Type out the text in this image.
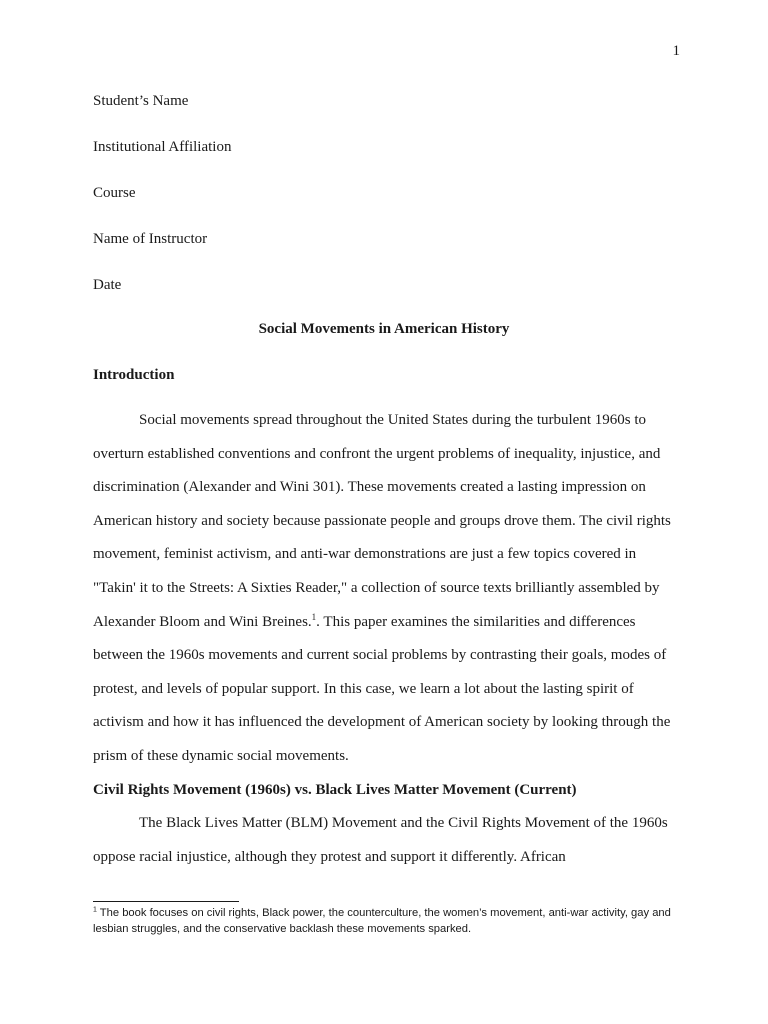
1
Student’s Name
Institutional Affiliation
Course
Name of Instructor
Date
Social Movements in American History
Introduction

Social movements spread throughout the United States during the turbulent 1960s to overturn established conventions and confront the urgent problems of inequality, injustice, and discrimination (Alexander and Wini 301). These movements created a lasting impression on American history and society because passionate people and groups drove them. The civil rights movement, feminist activism, and anti-war demonstrations are just a few topics covered in "Takin' it to the Streets: A Sixties Reader," a collection of source texts brilliantly assembled by Alexander Bloom and Wini Breines.$^1$. This paper examines the similarities and differences between the 1960s movements and current social problems by contrasting their goals, modes of protest, and levels of popular support. In this case, we learn a lot about the lasting spirit of activism and how it has influenced the development of American society by looking through the prism of these dynamic social movements.

Civil Rights Movement (1960s) vs. Black Lives Matter Movement (Current)

The Black Lives Matter (BLM) Movement and the Civil Rights Movement of the 1960s oppose racial injustice, although they protest and support it differently. African

$^1$ The book focuses on civil rights, Black power, the counterculture, the women’s movement, anti-war activity, gay and lesbian struggles, and the conservative backlash these movements sparked.
